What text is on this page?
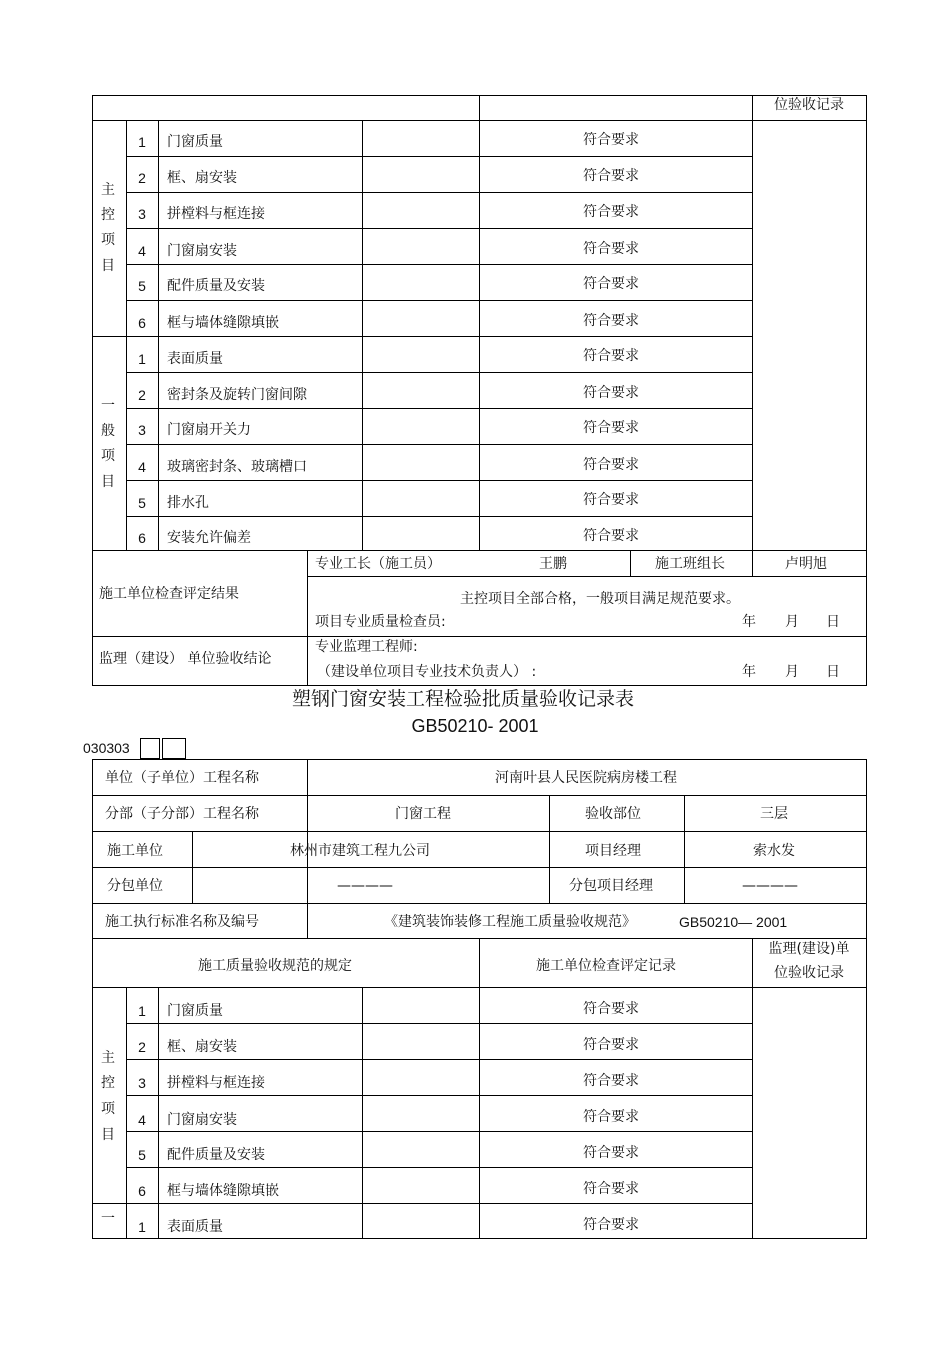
位验收记录
主
控
项
目
1 门窗质量	符合要求
2 框、扇安装	符合要求
3 拼樘料与框连接	符合要求
4 门窗扇安装	符合要求
5 配件质量及安装	符合要求
6 框与墙体缝隙填嵌	符合要求
一
般
项
目
1 表面质量	符合要求
2 密封条及旋转门窗间隙	符合要求
3 门窗扇开关力	符合要求
4 玻璃密封条、玻璃槽口	符合要求
5 排水孔	符合要求
6 安装允许偏差	符合要求
施工单位检查评定结果
专业工长（施工员）	王鹏	施工班组长	卢明旭
主控项目全部合格，一般项目满足规范要求。
项目专业质量检查员:	年 月 日
监理（建设） 单位验收结论
专业监理工程师:
（建设单位项目专业技术负责人） :	年 月 日
塑钢门窗安装工程检验批质量验收记录表
GB50210- 2001
030303
单位（子单位）工程名称	河南叶县人民医院病房楼工程
分部（子分部）工程名称	门窗工程	验收部位	三层
施工单位	林州市建筑工程九公司	项目经理	索水发
分包单位	————	分包项目经理	————
施工执行标准名称及编号	《建筑装饰装修工程施工质量验收规范》	GB50210— 2001
施工质量验收规范的规定	施工单位检查评定记录
监理(建设)单
位验收记录
主
控
项
目
1 门窗质量	符合要求
2 框、扇安装	符合要求
3 拼樘料与框连接	符合要求
4 门窗扇安装	符合要求
5 配件质量及安装	符合要求
6 框与墙体缝隙填嵌	符合要求
一 1 表面质量	符合要求
